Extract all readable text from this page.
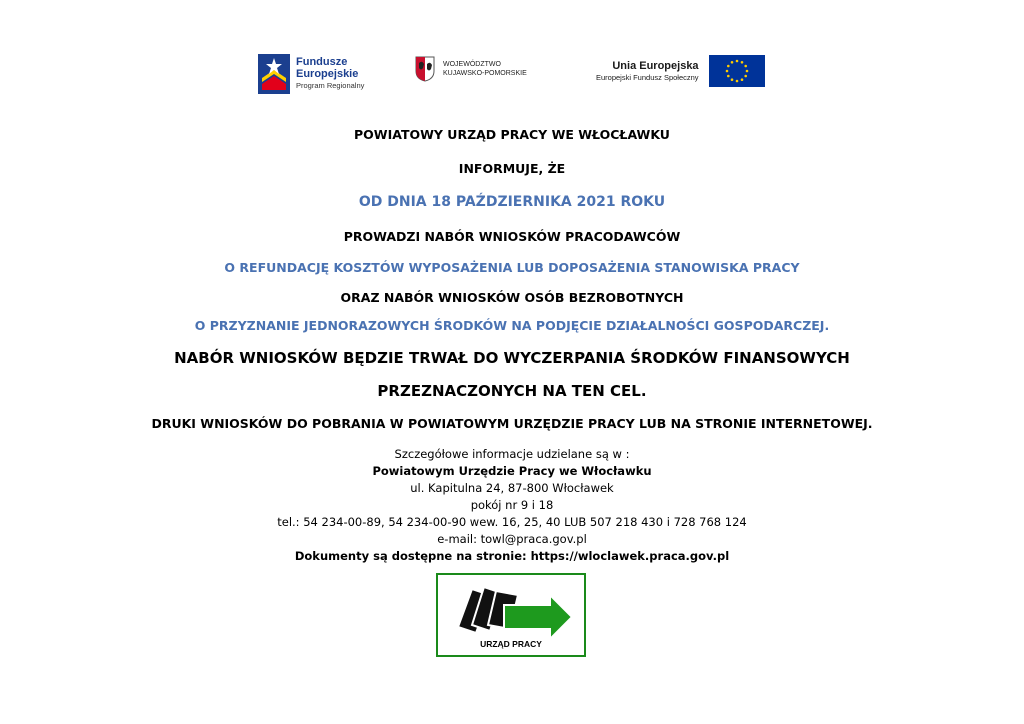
Fundusze
Europejskie
Program Regionalny
WOJEWÓDZTWO
KUJAWSKO-POMORSKIE
Unia Europejska
Europejski Fundusz Społeczny
POWIATOWY URZĄD PRACY WE WŁOCŁAWKU
INFORMUJE, ŻE
OD DNIA 18 PAŹDZIERNIKA 2021 ROKU
PROWADZI NABÓR WNIOSKÓW PRACODAWCÓW
O REFUNDACJĘ KOSZTÓW WYPOSAŻENIA LUB DOPOSAŻENIA STANOWISKA PRACY
ORAZ NABÓR WNIOSKÓW OSÓB BEZROBOTNYCH
O PRZYZNANIE JEDNORAZOWYCH ŚRODKÓW NA PODJĘCIE DZIAŁALNOŚCI GOSPODARCZEJ.
NABÓR WNIOSKÓW BĘDZIE TRWAŁ DO WYCZERPANIA ŚRODKÓW FINANSOWYCH
PRZEZNACZONYCH NA TEN CEL.
DRUKI WNIOSKÓW DO POBRANIA W POWIATOWYM URZĘDZIE PRACY LUB NA STRONIE INTERNETOWEJ.
Szczegółowe informacje udzielane są w :
Powiatowym Urzędzie Pracy we Włocławku
ul. Kapitulna 24, 87-800 Włocławek
pokój nr 9 i 18
tel.: 54 234-00-89, 54 234-00-90 wew. 16, 25, 40 LUB 507 218 430 i 728 768 124
e-mail: towl@praca.gov.pl
Dokumenty są dostępne na stronie: https://wloclawek.praca.gov.pl
URZĄD PRACY
